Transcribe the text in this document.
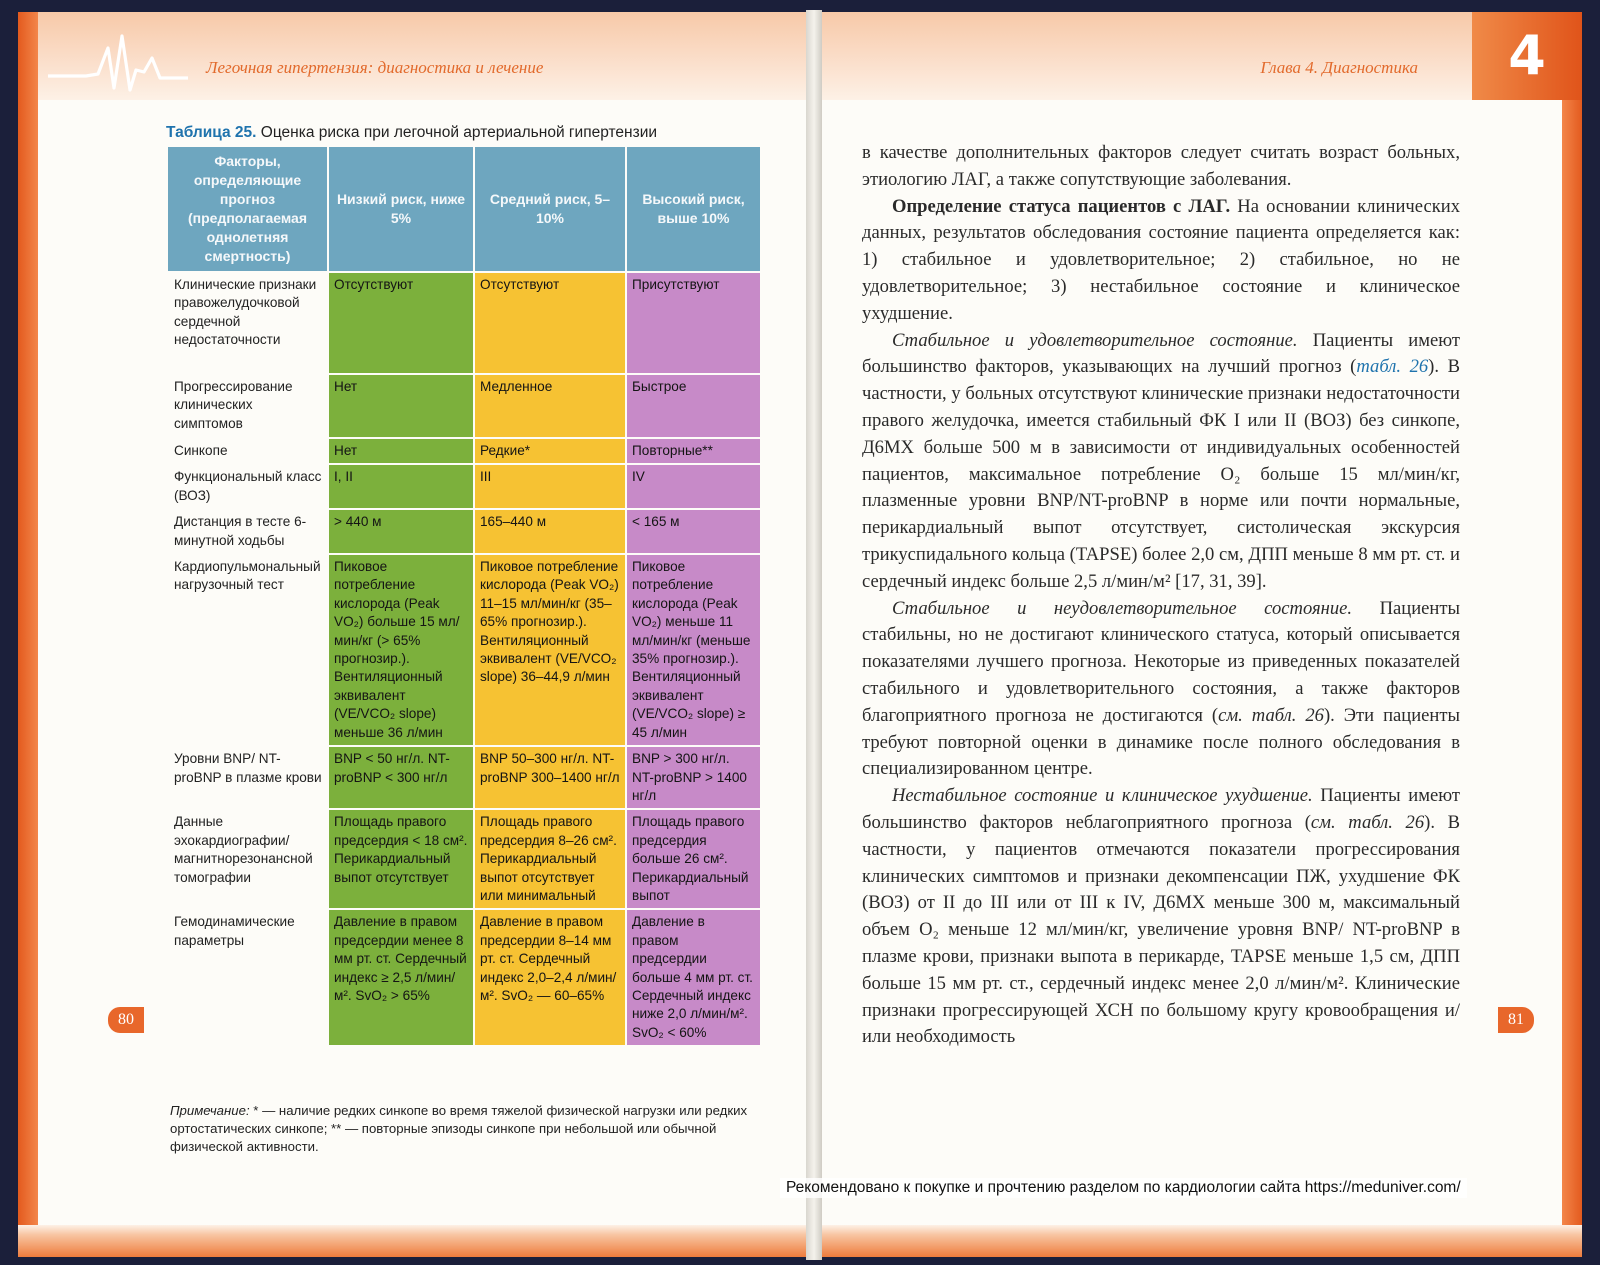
Легочная гипертензия: диагностика и лечение
Таблица 25. Оценка риска при легочной артериальной гипертензии
Факторы, определяющие прогноз (предполагаемая однолетняя смертность)	Низкий риск, ниже 5%	Средний риск, 5–10%	Высокий риск, выше 10%
Клинические признаки правожелудочковой сердечной недостаточности	Отсутствуют	Отсутствуют	Присутствуют
Прогрессирование клинических симптомов	Нет	Медленное	Быстрое
Синкопе	Нет	Редкие*	Повторные**
Функциональный класс (ВОЗ)	I, II	III	IV
Дистанция в тесте 6-минутной ходьбы	> 440 м	165–440 м	< 165 м
Кардиопульмональный нагрузочный тест	Пиковое потребление кислорода (Peak VO₂) больше 15 мл/мин/кг (> 65% прогнозир.). Вентиляционный эквивалент (VE/VCO₂ slope) меньше 36 л/мин	Пиковое потребление кислорода (Peak VO₂) 11–15 мл/мин/кг (35–65% прогнозир.). Вентиляционный эквивалент (VE/VCO₂ slope) 36–44,9 л/мин	Пиковое потребление кислорода (Peak VO₂) меньше 11 мл/мин/кг (меньше 35% прогнозир.). Вентиляционный эквивалент (VE/VCO₂ slope) ≥ 45 л/мин
Уровни BNP/ NT-proBNP в плазме крови	BNP < 50 нг/л. NT-proBNP < 300 нг/л	BNP 50–300 нг/л. NT-proBNP 300–1400 нг/л	BNP > 300 нг/л. NT-proBNP > 1400 нг/л
Данные эхокардиографии/ магнитнорезонансной томографии	Площадь правого предсердия < 18 см². Перикардиальный выпот отсутствует	Площадь правого предсердия 8–26 см². Перикардиальный выпот отсутствует или минимальный	Площадь правого предсердия больше 26 см². Перикардиальный выпот
Гемодинамические параметры	Давление в правом предсердии менее 8 мм рт. ст. Сердечный индекс ≥ 2,5 л/мин/м². SvO₂ > 65%	Давление в правом предсердии 8–14 мм рт. ст. Сердечный индекс 2,0–2,4 л/мин/м². SvO₂ — 60–65%	Давление в правом предсердии больше 4 мм рт. ст. Сердечный индекс ниже 2,0 л/мин/м². SvO₂ < 60%
Примечание: * — наличие редких синкопе во время тяжелой физической нагрузки или редких ортостатических синкопе; ** — повторные эпизоды синкопе при небольшой или обычной физической активности.
80
Глава 4. Диагностика	4

в качестве дополнительных факторов следует считать возраст больных, этиологию ЛАГ, а также сопутствующие заболевания.

Определение статуса пациентов с ЛАГ. На основании клинических данных, результатов обследования состояние пациента определяется как: 1) стабильное и удовлетворительное; 2) стабильное, но не удовлетворительное; 3) нестабильное состояние и клиническое ухудшение.

Стабильное и удовлетворительное состояние. Пациенты имеют большинство факторов, указывающих на лучший прогноз (табл. 26). В частности, у больных отсутствуют клинические признаки недостаточности правого желудочка, имеется стабильный ФК I или II (ВОЗ) без синкопе, Д6МХ больше 500 м в зависимости от индивидуальных особенностей пациентов, максимальное потребление O₂ больше 15 мл/мин/кг, плазменные уровни BNP/NT-proBNP в норме или почти нормальные, перикардиальный выпот отсутствует, систолическая экскурсия трикуспидального кольца (TAPSE) более 2,0 см, ДПП меньше 8 мм рт. ст. и сердечный индекс больше 2,5 л/мин/м² [17, 31, 39].

Стабильное и неудовлетворительное состояние. Пациенты стабильны, но не достигают клинического статуса, который описывается показателями лучшего прогноза. Некоторые из приведенных показателей стабильного и удовлетворительного состояния, а также факторов благоприятного прогноза не достигаются (см. табл. 26). Эти пациенты требуют повторной оценки в динамике после полного обследования в специализированном центре.

Нестабильное состояние и клиническое ухудшение. Пациенты имеют большинство факторов неблагоприятного прогноза (см. табл. 26). В частности, у пациентов отмечаются показатели прогрессирования клинических симптомов и признаки декомпенсации ПЖ, ухудшение ФК (ВОЗ) от II до III или от III к IV, Д6МХ меньше 300 м, максимальный объем O₂ меньше 12 мл/мин/кг, увеличение уровня BNP/ NT-proBNP в плазме крови, признаки выпота в перикарде, TAPSE меньше 1,5 см, ДПП больше 15 мм рт. ст., сердечный индекс менее 2,0 л/мин/м². Клинические признаки прогрессирующей ХСН по большому кругу кровообращения и/или необходимость

81
Рекомендовано к покупке и прочтению разделом по кардиологии сайта https://meduniver.com/
